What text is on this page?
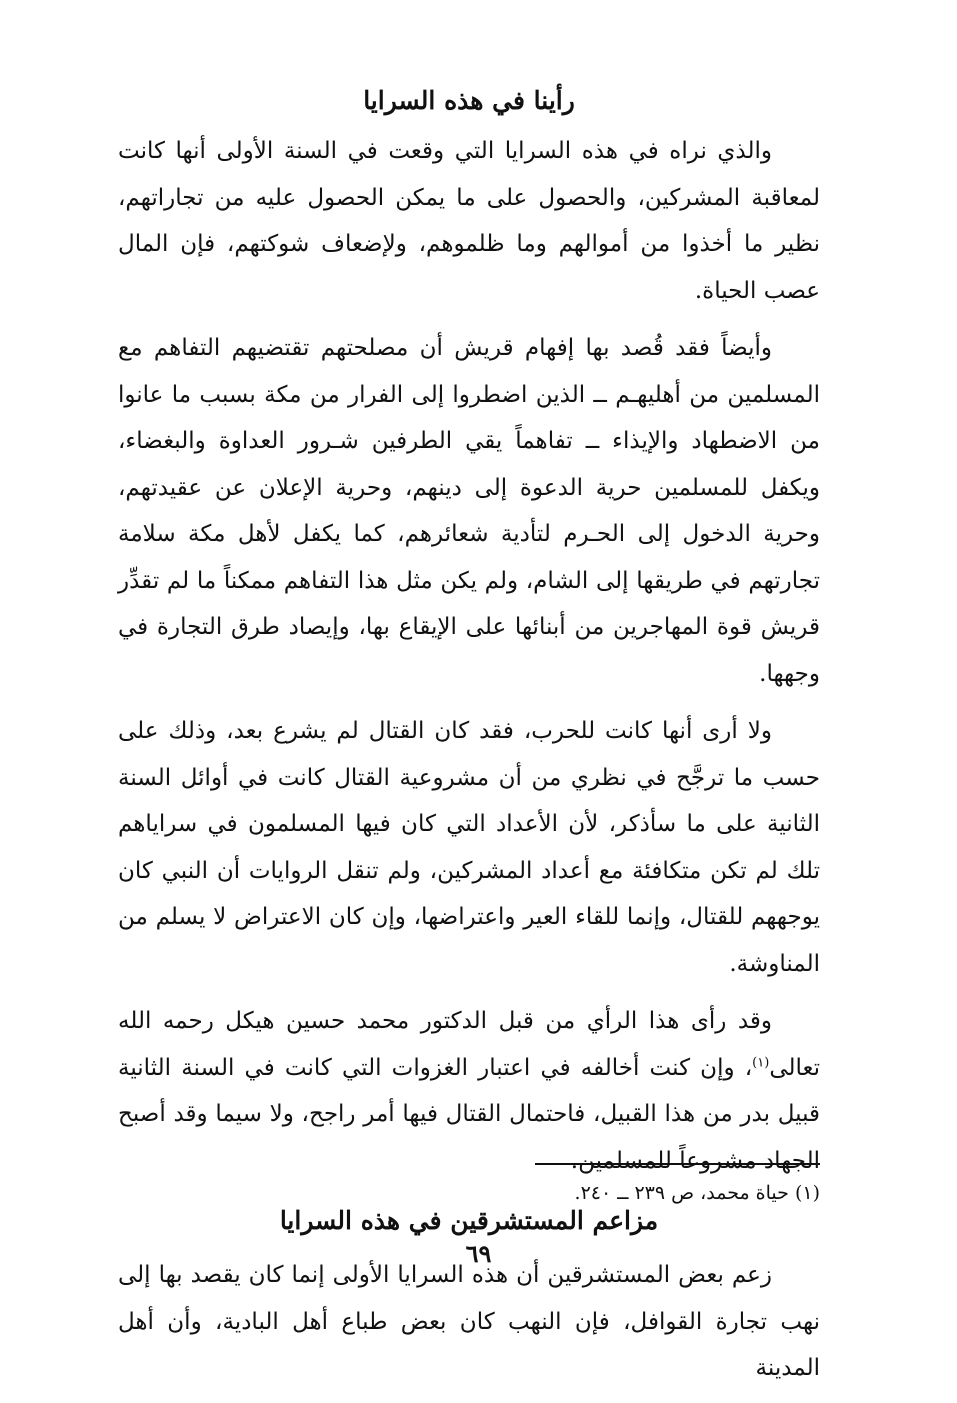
رأينا في هذه السرايا

والذي نراه في هذه السرايا التي وقعت في السنة الأولى أنها كانت لمعاقبة المشركين، والحصول على ما يمكن الحصول عليه من تجاراتهم، نظير ما أخذوا من أموالهم وما ظلموهم، ولإضعاف شوكتهم، فإن المال عصب الحياة.

وأيضاً فقد قُصد بها إفهام قريش أن مصلحتهم تقتضيهم التفاهم مع المسلمين من أهليهـم ــ الذين اضطروا إلى الفرار من مكة بسبب ما عانوا من الاضطهاد والإيذاء ــ تفاهماً يقي الطرفين شـرور العداوة والبغضاء، ويكفل للمسلمين حرية الدعوة إلى دينهم، وحرية الإعلان عن عقيدتهم، وحرية الدخول إلى الحـرم لتأدية شعائرهم، كما يكفل لأهل مكة سلامة تجارتهم في طريقها إلى الشام، ولم يكن مثل هذا التفاهم ممكناً ما لم تقدِّر قريش قوة المهاجرين من أبنائها على الإيقاع بها، وإيصاد طرق التجارة في وجهها.

ولا أرى أنها كانت للحرب، فقد كان القتال لم يشرع بعد، وذلك على حسب ما ترجَّح في نظري من أن مشروعية القتال كانت في أوائل السنة الثانية على ما سأذكر، لأن الأعداد التي كان فيها المسلمون في سراياهم تلك لم تكن متكافئة مع أعداد المشركين، ولم تنقل الروايات أن النبي كان يوجههم للقتال، وإنما للقاء العير واعتراضها، وإن كان الاعتراض لا يسلم من المناوشة.

وقد رأى هذا الرأي من قبل الدكتور محمد حسين هيكل رحمه الله تعالى$^{(١)}$، وإن كنت أخالفه في اعتبار الغزوات التي كانت في السنة الثانية قبيل بدر من هذا القبيل، فاحتمال القتال فيها أمر راجح، ولا سيما وقد أصبح الجهاد مشروعاً للمسلمين.

مزاعم المستشرقين في هذه السرايا

زعم بعض المستشرقين أن هذه السرايا الأولى إنما كان يقصد بها إلى نهب تجارة القوافل، فإن النهب كان بعض طباع أهل البادية، وأن أهل المدينة

(١) حياة محمد، ص ٢٣٩ ــ ٢٤٠.
٦٩
